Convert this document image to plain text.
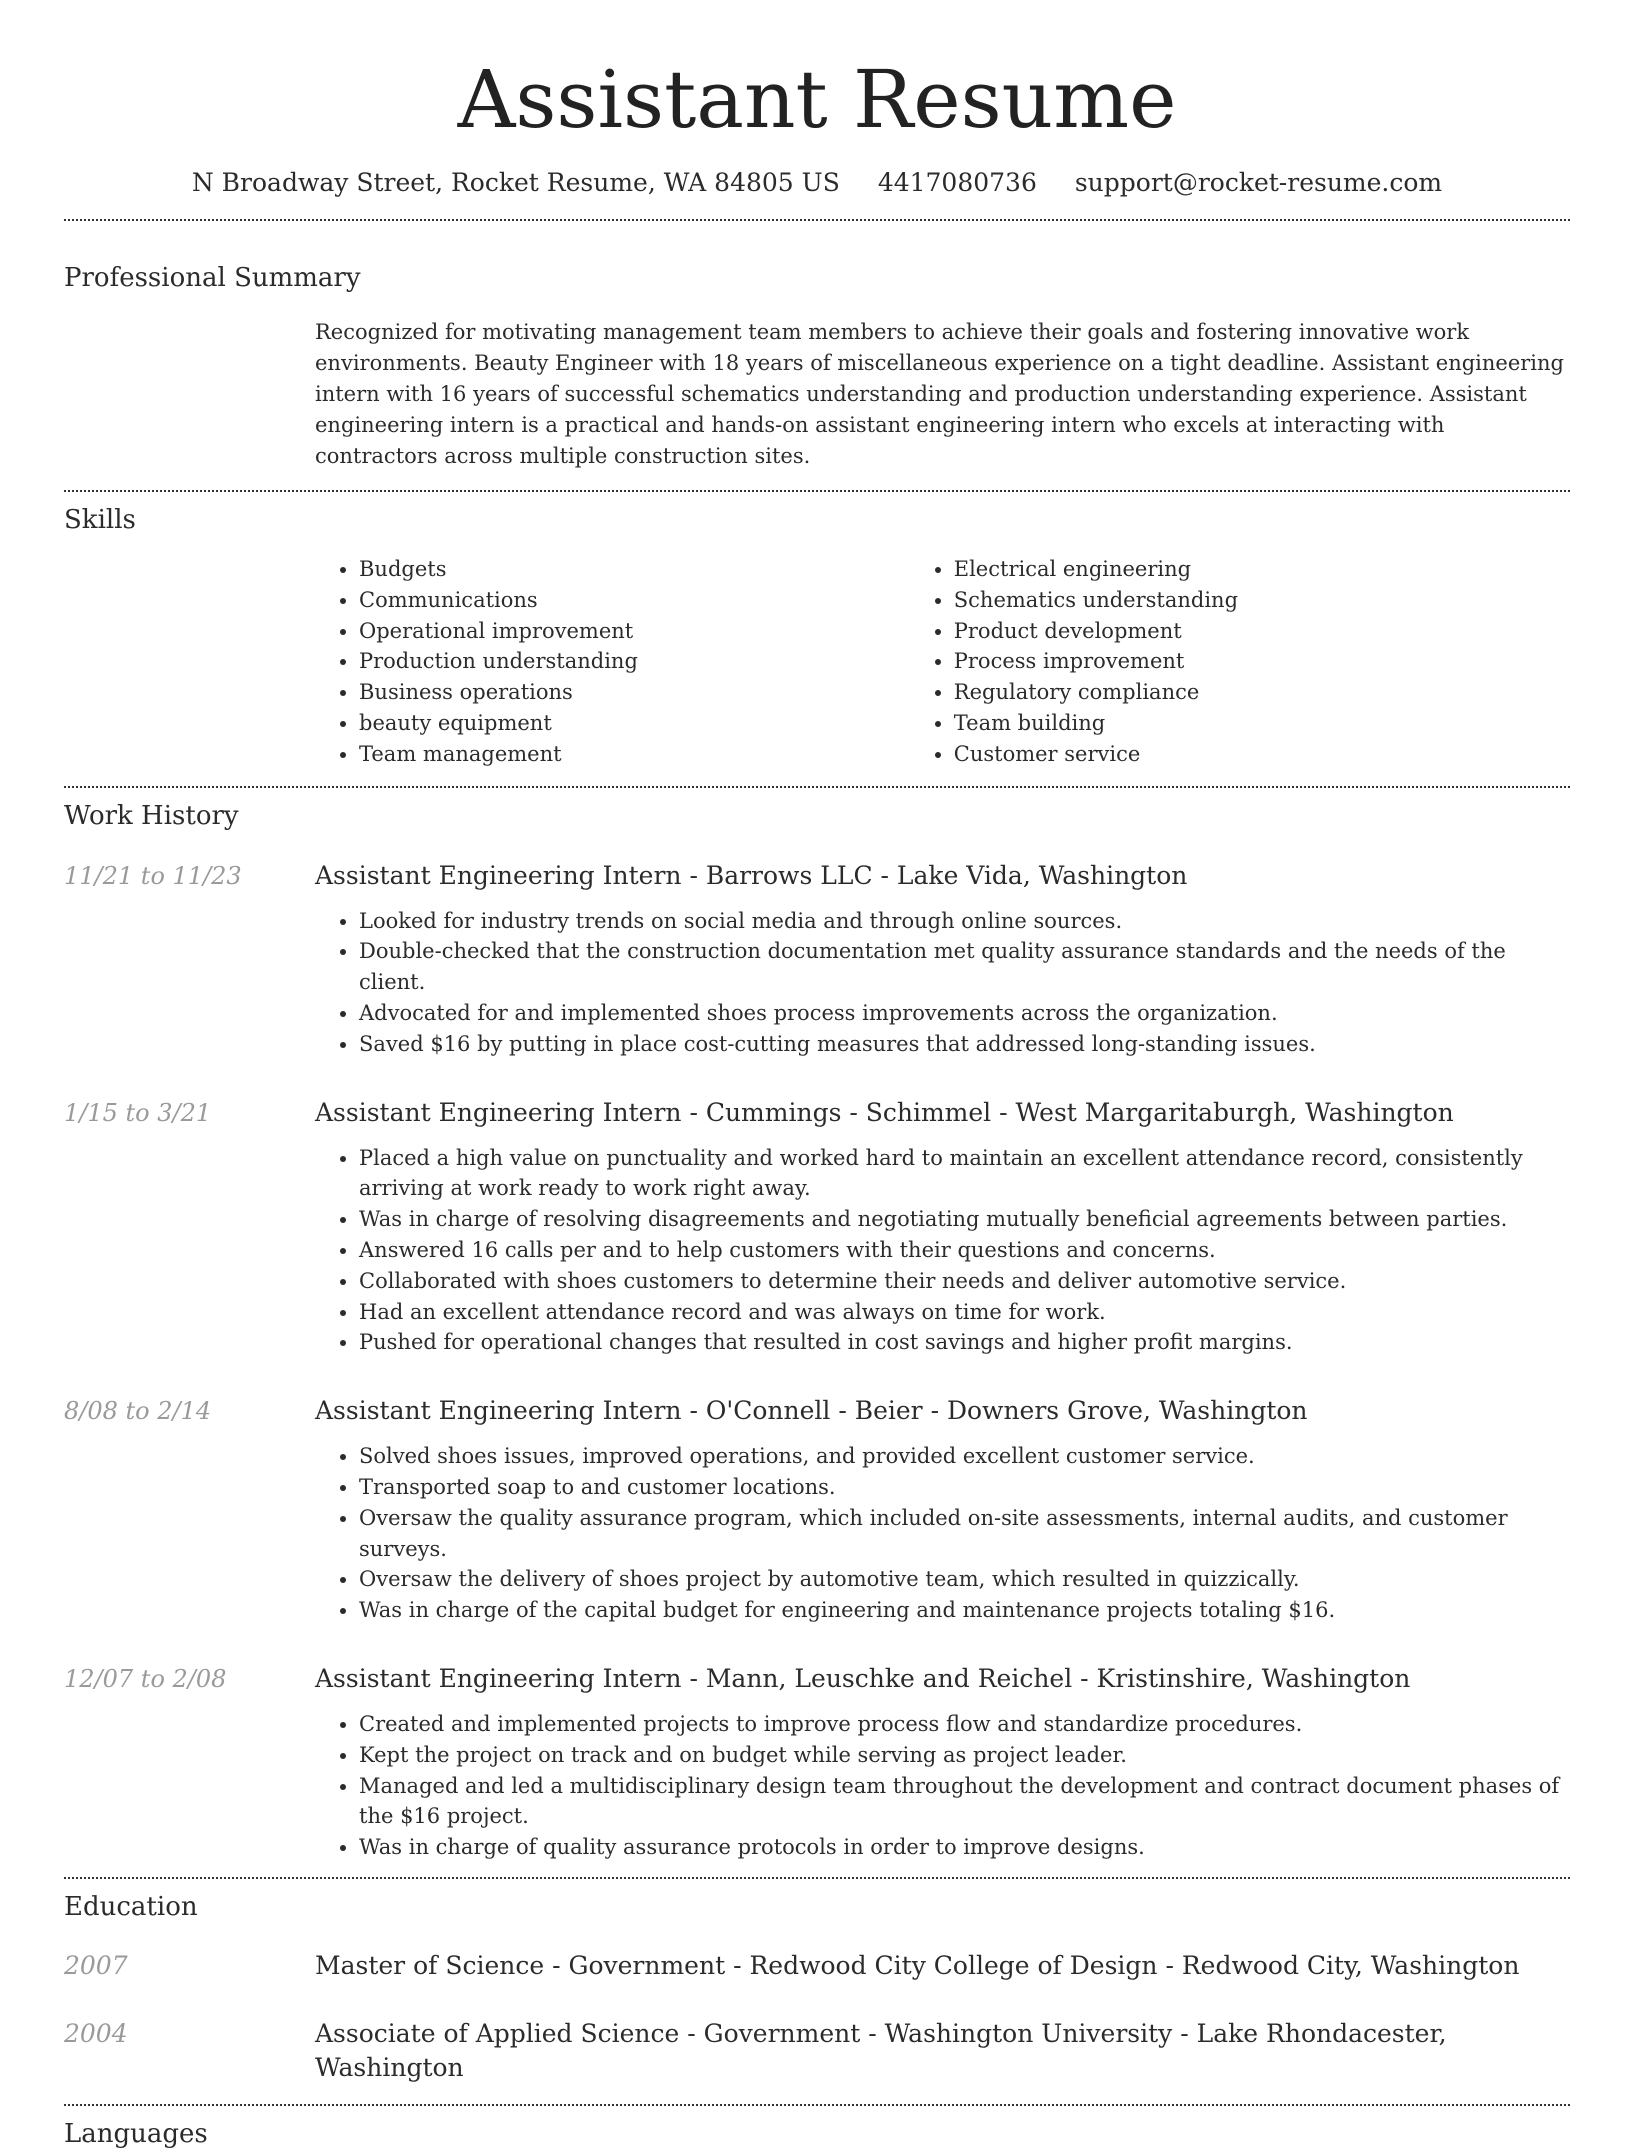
Assistant Resume
N Broadway Street, Rocket Resume, WA 84805 US 4417080736 support@rocket-resume.com
Professional Summary
Recognized for motivating management team members to achieve their goals and fostering innovative work environments. Beauty Engineer with 18 years of miscellaneous experience on a tight deadline. Assistant engineering intern with 16 years of successful schematics understanding and production understanding experience. Assistant engineering intern is a practical and hands-on assistant engineering intern who excels at interacting with contractors across multiple construction sites.
Skills
• Budgets
• Communications
• Operational improvement
• Production understanding
• Business operations
• beauty equipment
• Team management
• Electrical engineering
• Schematics understanding
• Product development
• Process improvement
• Regulatory compliance
• Team building
• Customer service
Work History
11/21 to 11/23	Assistant Engineering Intern - Barrows LLC - Lake Vida, Washington
• Looked for industry trends on social media and through online sources.
• Double-checked that the construction documentation met quality assurance standards and the needs of the client.
• Advocated for and implemented shoes process improvements across the organization.
• Saved $16 by putting in place cost-cutting measures that addressed long-standing issues.
1/15 to 3/21	Assistant Engineering Intern - Cummings - Schimmel - West Margaritaburgh, Washington
• Placed a high value on punctuality and worked hard to maintain an excellent attendance record, consistently arriving at work ready to work right away.
• Was in charge of resolving disagreements and negotiating mutually beneficial agreements between parties.
• Answered 16 calls per and to help customers with their questions and concerns.
• Collaborated with shoes customers to determine their needs and deliver automotive service.
• Had an excellent attendance record and was always on time for work.
• Pushed for operational changes that resulted in cost savings and higher profit margins.
8/08 to 2/14	Assistant Engineering Intern - O'Connell - Beier - Downers Grove, Washington
• Solved shoes issues, improved operations, and provided excellent customer service.
• Transported soap to and customer locations.
• Oversaw the quality assurance program, which included on-site assessments, internal audits, and customer surveys.
• Oversaw the delivery of shoes project by automotive team, which resulted in quizzically.
• Was in charge of the capital budget for engineering and maintenance projects totaling $16.
12/07 to 2/08	Assistant Engineering Intern - Mann, Leuschke and Reichel - Kristinshire, Washington
• Created and implemented projects to improve process flow and standardize procedures.
• Kept the project on track and on budget while serving as project leader.
• Managed and led a multidisciplinary design team throughout the development and contract document phases of the $16 project.
• Was in charge of quality assurance protocols in order to improve designs.
Education
2007	Master of Science - Government - Redwood City College of Design - Redwood City, Washington
2004	Associate of Applied Science - Government - Washington University - Lake Rhondacester, Washington
Languages
